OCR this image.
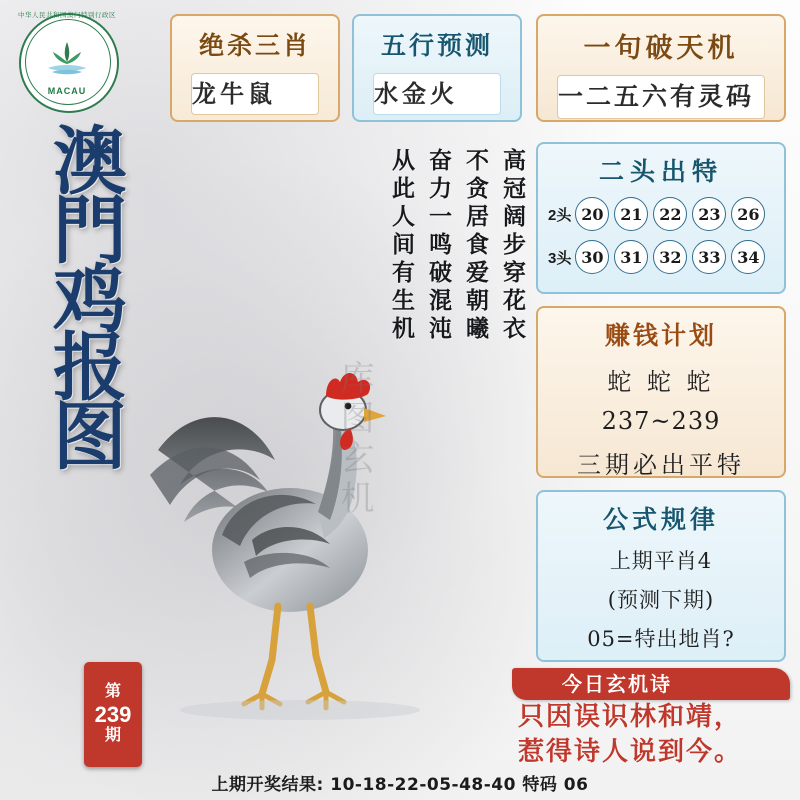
中华人民共和国澳门特别行政区
MACAU
澳
門
鸡
报
图
第
239
期
库图玄机
高冠阔步穿花衣
不贪居食爱朝曦
奋力一鸣破混沌
从此人间有生机
绝杀三肖
龙牛鼠
五行预测
水金火
一句破天机
一二五六有灵码
二头出特
2头 20	21	22	23	26
3头 30	31	32	33	34
赚钱计划
蛇 蛇 蛇
237~239
三期必出平特
公式规律
上期平肖4
(预测下期)
05=特出地肖?
今日玄机诗
只因误识林和靖，
惹得诗人说到今。
上期开奖结果: 10-18-22-05-48-40 特码 06
